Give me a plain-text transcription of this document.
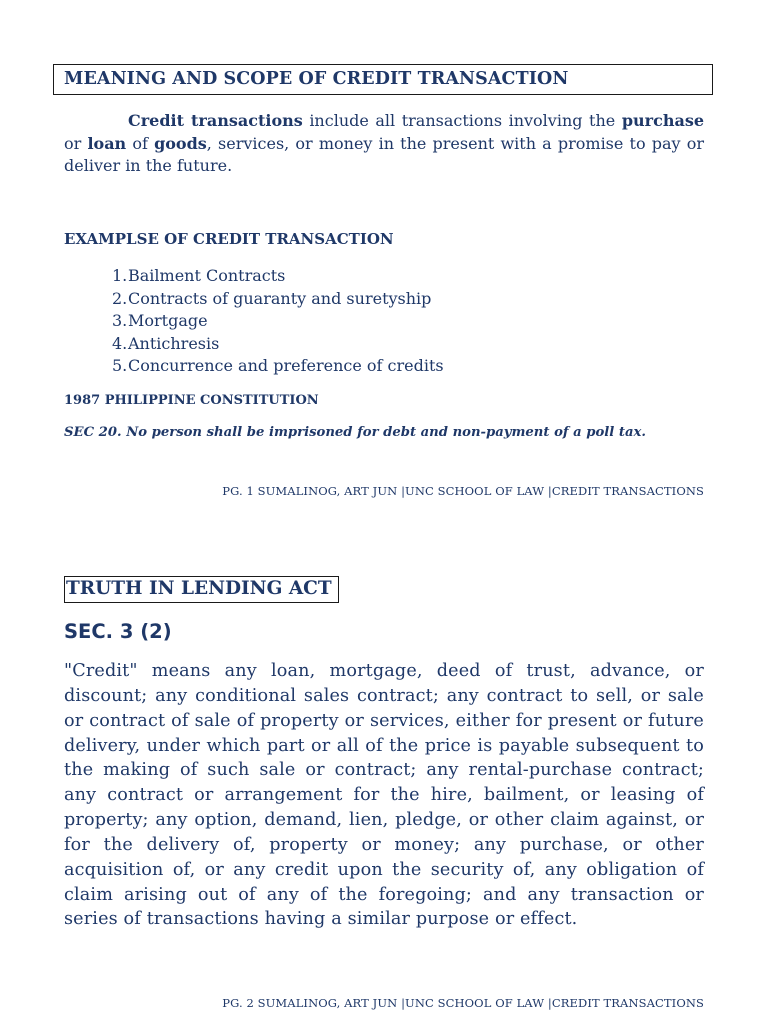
MEANING AND SCOPE OF CREDIT TRANSACTION

Credit transactions include all transactions involving the purchase or loan of goods, services, or money in the present with a promise to pay or deliver in the future.

EXAMPLSE OF CREDIT TRANSACTION
1. Bailment Contracts
2. Contracts of guaranty and suretyship
3. Mortgage
4. Antichresis
5. Concurrence and preference of credits
1987 PHILIPPINE CONSTITUTION
SEC 20. No person shall be imprisoned for debt and non-payment of a poll tax.
PG. 1 SUMALINOG, ART JUN |UNC SCHOOL OF LAW |CREDIT TRANSACTIONS
TRUTH IN LENDING ACT
SEC. 3 (2)

"Credit" means any loan, mortgage, deed of trust, advance, or discount; any conditional sales contract; any contract to sell, or sale or contract of sale of property or services, either for present or future delivery, under which part or all of the price is payable subsequent to the making of such sale or contract; any rental-purchase contract; any contract or arrangement for the hire, bailment, or leasing of property; any option, demand, lien, pledge, or other claim against, or for the delivery of, property or money; any purchase, or other acquisition of, or any credit upon the security of, any obligation of claim arising out of any of the foregoing; and any transaction or series of transactions having a similar purpose or effect.

PG. 2 SUMALINOG, ART JUN |UNC SCHOOL OF LAW |CREDIT TRANSACTIONS
